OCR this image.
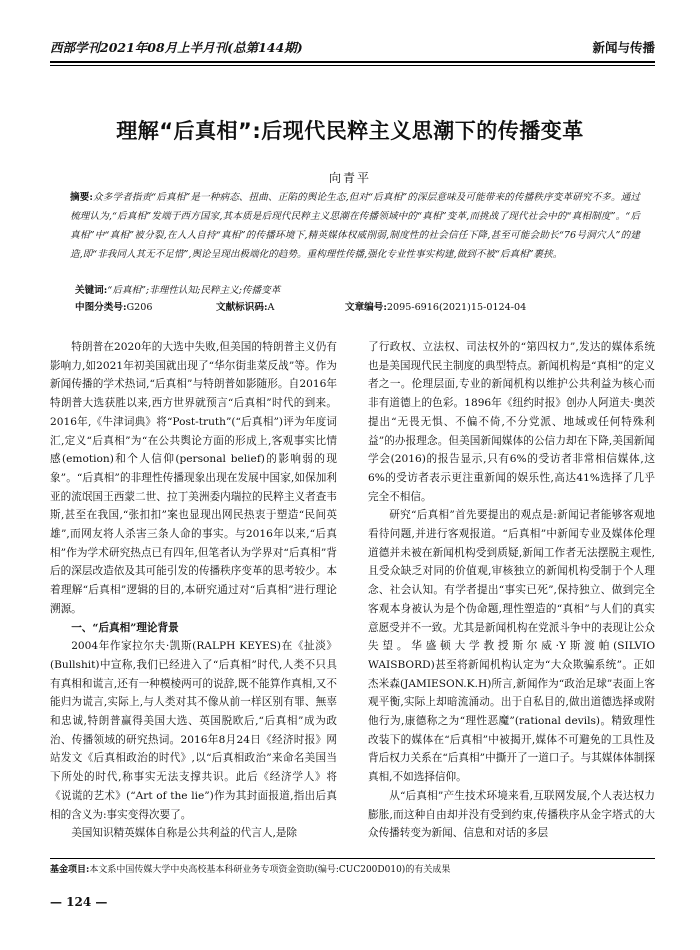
西部学刊2021年08月上半月刊(总第144期)	新闻与传播
理解“后真相”:后现代民粹主义思潮下的传播变革
向青平
摘要:众多学者指责“后真相”是一种病态、扭曲、正陷的舆论生态,但对“后真相”的深层意味及可能带来的传播秩序变革研究不多。通过梳理认为,“后真相”发端于西方国家,其本质是后现代民粹主义思潮在传播领域中的“真相”变革,而挑战了现代社会中的“真相制度”。“后真相”中“真相”被分裂,在人人自持“真相”的传播环境下,精英媒体权威削弱,制度性的社会信任下降,甚至可能会助长“76号洞穴人”的建造,即“非我同人其无不足惜”,舆论呈现出极端化的趋势。重构理性传播,强化专业性事实构建,做到不被“后真相”裹挟。
关键词:“后真相”;非理性认知;民粹主义;传播变革
中图分类号:G206	文献标识码:A	文章编号:2095-6916(2021)15-0124-04

特朗普在2020年的大选中失败,但美国的特朗普主义仍有影响力,如2021年初美国就出现了“华尔街韭菜反战”等。作为新闻传播的学术热词,“后真相”与特朗普如影随形。自2016年特朗普大选获胜以来,西方世界就预言“后真相”时代的到来。2016年,《牛津词典》将“Post-truth”(“后真相”)评为年度词汇,定义“后真相”为“在公共舆论方面的形成上,客观事实比情感(emotion)和个人信仰(personal belief)的影响弱的现象”。“后真相”的非理性传播现象出现在发展中国家,如保加利亚的流氓国王西蒙二世、拉丁美洲委内瑞拉的民粹主义者查韦斯,甚至在我国,“张扣扣”案也显现出网民热衷于塑造“民间英雄”,而网友将人杀害三条人命的事实。与2016年以来,“后真相”作为学术研究热点已有四年,但笔者认为学界对“后真相”背后的深层改造依及其可能引发的传播秩序变革的思考较少。本着理解“后真相”逻辑的目的,本研究通过对“后真相”进行理论溯源。

一、“后真相”理论背景

2004年作家拉尔夫·凯斯(RALPH KEYES)在《扯淡》(Bullshit)中宣称,我们已经进入了“后真相”时代,人类不只具有真相和谎言,还有一种模棱两可的说辞,既不能算作真相,又不能归为谎言,实际上,与人类对其不像从前一样区别有罪、無辜和忠诚,特朗普赢得美国大选、英国脱欧后,“后真相”成为政治、传播领域的研究热词。2016年8月24日《经济时报》网站发文《后真相政治的时代》,以“后真相政治”来命名美国当下所处的时代,称事实无法支撑共识。此后《经济学人》将《说谎的艺术》(“Art of the lie”)作为其封面报道,指出后真相的含义为:事实变得次要了。

美国知识精英媒体自称是公共利益的代言人,是除

了行政权、立法权、司法权外的“第四权力”,发达的媒体系统也是美国现代民主制度的典型特点。新闻机构是“真相”的定义者之一。伦理层面,专业的新闻机构以维护公共利益为核心而非有道德上的色彩。1896年《纽约时报》创办人阿道夫·奥茨提出“无畏无惧、不偏不倚,不分党派、地域或任何特殊利益”的办报理念。但美国新闻媒体的公信力却在下降,美国新闻学会(2016)的报告显示,只有6%的受访者非常相信媒体,这6%的受访者表示更注重新闻的娱乐性,高达41%选择了几乎完全不相信。

研究“后真相”首先要提出的观点是:新闻记者能够客观地看待问题,并进行客观报道。“后真相”中新闻专业及媒体伦理道德并未被在新闻机构受到质疑,新闻工作者无法摆脱主观性,且受众缺乏对同的价值观,审核独立的新闻机构受制于个人理念、社会认知。有学者提出“事实已死”,保持独立、做到完全客观本身被认为是个伪命题,理性塑造的“真相”与人们的真实意愿受并不一致。尤其是新闻机构在党派斗争中的表现让公众失望。华盛顿大学教授斯尔威·Y斯渡帕(SILVIO WAISBORD)甚至将新闻机构认定为“大众欺骗系统”。正如杰米森(JAMIESON.K.H)所言,新闻作为“政治足球”表面上客观平衡,实际上却暗流涌动。出于自私目的,做出道德选择或附他行为,康德称之为“理性恶魔”(rational devils)。精致理性改装下的媒体在“后真相”中被揭开,媒体不可避免的工具性及背后权力关系在“后真相”中撕开了一道口子。与其媒体体制探真相,不如选择信仰。

从“后真相”产生技术环境来看,互联网发展,个人表达权力膨胀,而这种自由却并没有受到约束,传播秩序从金字塔式的大众传播转变为新闻、信息和对话的多层

基金项目:本文系中国传媒大学中央高校基本科研业务专项资金资助(编号:CUC200D010)的有关成果
— 124 —
